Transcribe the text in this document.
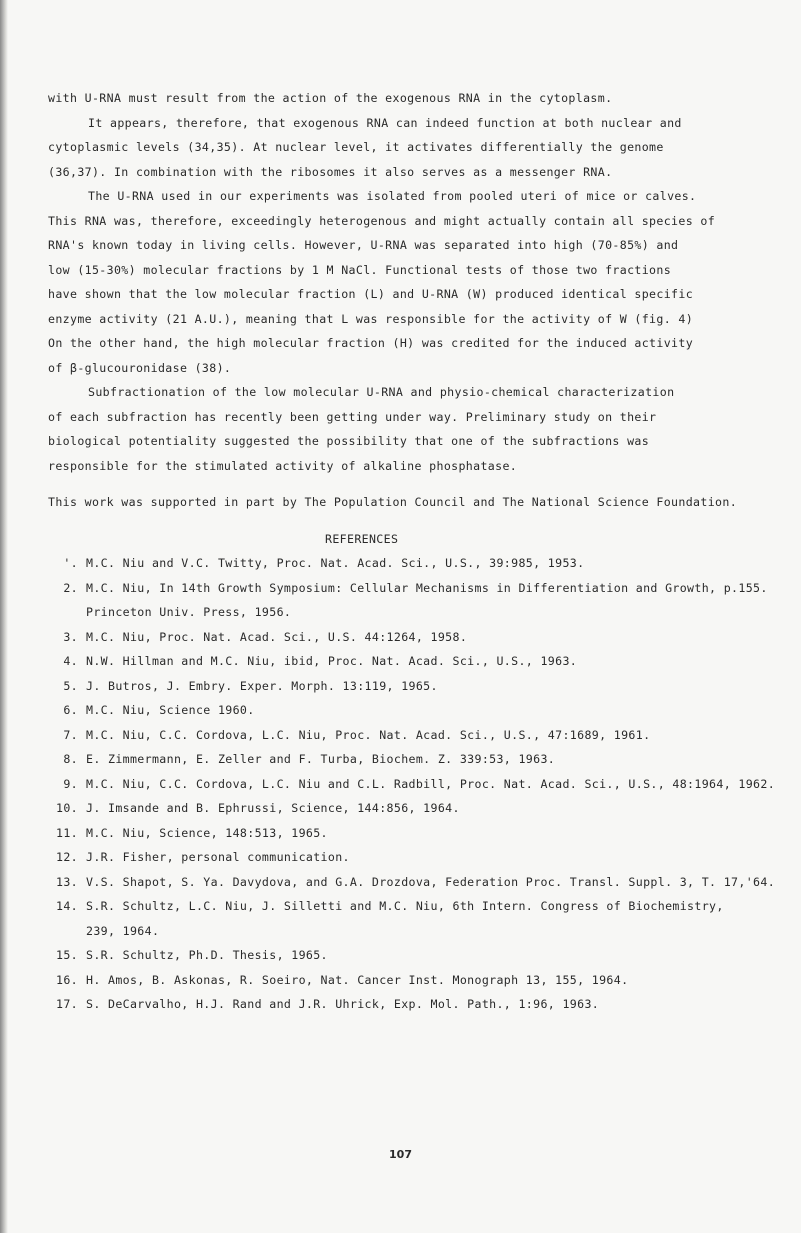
with U-RNA must result from the action of the exogenous RNA in the cytoplasm.
It appears, therefore, that exogenous RNA can indeed function at both nuclear and
cytoplasmic levels (34,35). At nuclear level, it activates differentially the genome
(36,37). In combination with the ribosomes it also serves as a messenger RNA.
The U-RNA used in our experiments was isolated from pooled uteri of mice or calves.
This RNA was, therefore, exceedingly heterogenous and might actually contain all species of
RNA's known today in living cells. However, U-RNA was separated into high (70-85%) and
low (15-30%) molecular fractions by 1 M NaCl. Functional tests of those two fractions
have shown that the low molecular fraction (L) and U-RNA (W) produced identical specific
enzyme activity (21 A.U.), meaning that L was responsible for the activity of W (fig. 4)
On the other hand, the high molecular fraction (H) was credited for the induced activity
of β-glucouronidase (38).
Subfractionation of the low molecular U-RNA and physio-chemical characterization
of each subfraction has recently been getting under way. Preliminary study on their
biological potentiality suggested the possibility that one of the subfractions was
responsible for the stimulated activity of alkaline phosphatase.
This work was supported in part by The Population Council and The National Science Foundation.
REFERENCES
'. M.C. Niu and V.C. Twitty, Proc. Nat. Acad. Sci., U.S., 39:985, 1953.
2. M.C. Niu, In 14th Growth Symposium: Cellular Mechanisms in Differentiation and Growth, p.155.
Princeton Univ. Press, 1956.
3. M.C. Niu, Proc. Nat. Acad. Sci., U.S. 44:1264, 1958.
4. N.W. Hillman and M.C. Niu, ibid, Proc. Nat. Acad. Sci., U.S., 1963.
5. J. Butros, J. Embry. Exper. Morph. 13:119, 1965.
6. M.C. Niu, Science 1960.
7. M.C. Niu, C.C. Cordova, L.C. Niu, Proc. Nat. Acad. Sci., U.S., 47:1689, 1961.
8. E. Zimmermann, E. Zeller and F. Turba, Biochem. Z. 339:53, 1963.
9. M.C. Niu, C.C. Cordova, L.C. Niu and C.L. Radbill, Proc. Nat. Acad. Sci., U.S., 48:1964, 1962.
10. J. Imsande and B. Ephrussi, Science, 144:856, 1964.
11. M.C. Niu, Science, 148:513, 1965.
12. J.R. Fisher, personal communication.
13. V.S. Shapot, S. Ya. Davydova, and G.A. Drozdova, Federation Proc. Transl. Suppl. 3, T. 17,'64.
14. S.R. Schultz, L.C. Niu, J. Silletti and M.C. Niu, 6th Intern. Congress of Biochemistry,
239, 1964.
15. S.R. Schultz, Ph.D. Thesis, 1965.
16. H. Amos, B. Askonas, R. Soeiro, Nat. Cancer Inst. Monograph 13, 155, 1964.
17. S. DeCarvalho, H.J. Rand and J.R. Uhrick, Exp. Mol. Path., 1:96, 1963.
107
